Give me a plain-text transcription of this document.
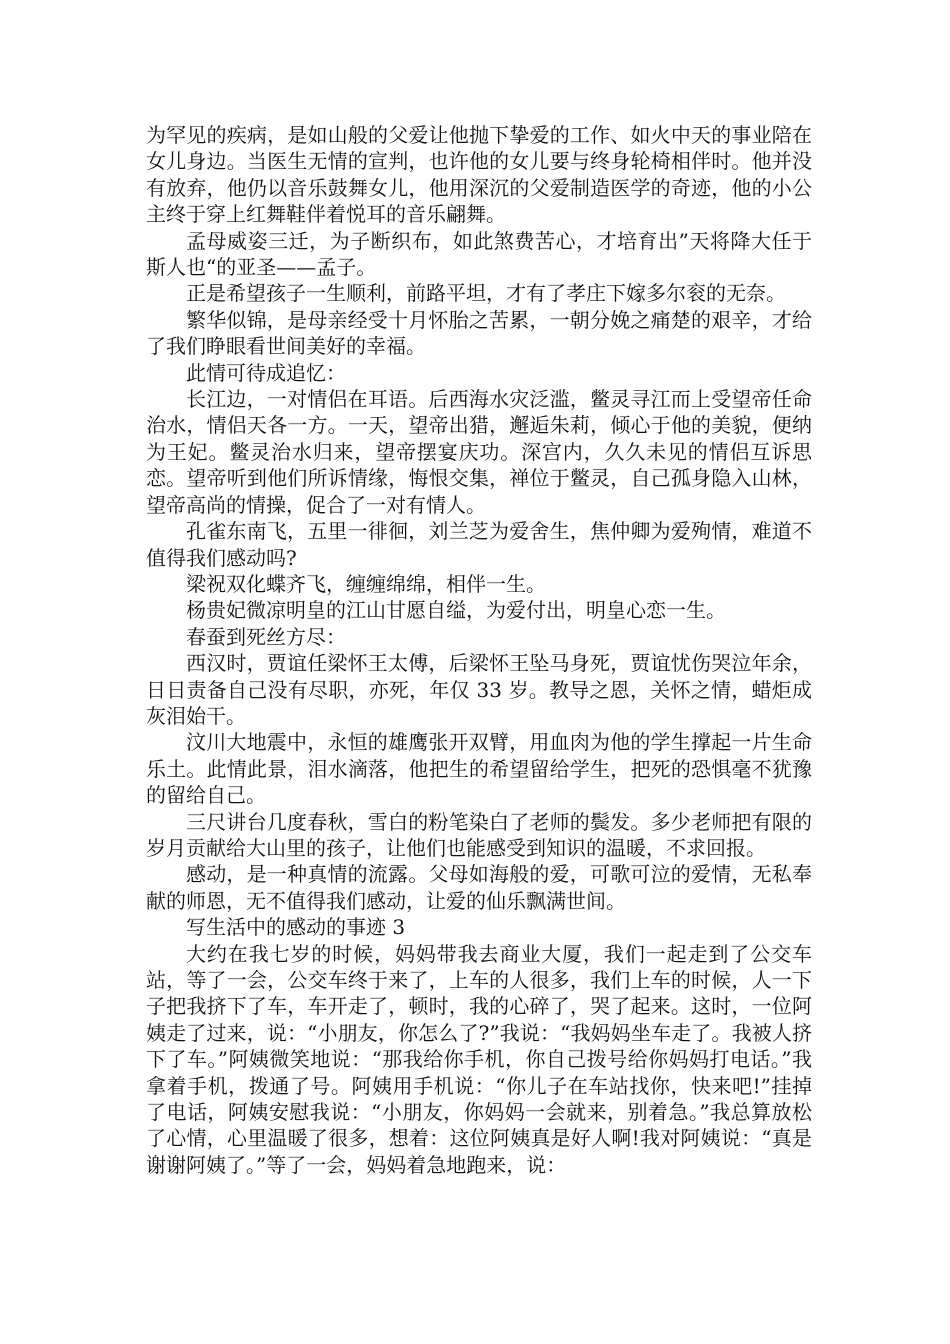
为罕见的疾病，是如山般的父爱让他抛下挚爱的工作、如火中天的事业陪在女儿身边。当医生无情的宣判，也许他的女儿要与终身轮椅相伴时。他并没有放弃，他仍以音乐鼓舞女儿，他用深沉的父爱制造医学的奇迹，他的小公主终于穿上红舞鞋伴着悦耳的音乐翩舞。

孟母威姿三迁，为子断织布，如此煞费苦心，才培育出”天将降大任于斯人也“的亚圣——孟子。

正是希望孩子一生顺利，前路平坦，才有了孝庄下嫁多尔衮的无奈。

繁华似锦，是母亲经受十月怀胎之苦累，一朝分娩之痛楚的艰辛，才给了我们睁眼看世间美好的幸福。

此情可待成追忆：

长江边，一对情侣在耳语。后西海水灾泛滥，鳖灵寻江而上受望帝任命治水，情侣天各一方。一天，望帝出猎，邂逅朱莉，倾心于他的美貌，便纳为王妃。鳖灵治水归来，望帝摆宴庆功。深宫内，久久未见的情侣互诉思恋。望帝听到他们所诉情缘，悔恨交集，禅位于鳖灵，自己孤身隐入山林，望帝高尚的情操，促合了一对有情人。

孔雀东南飞，五里一徘徊，刘兰芝为爱舍生，焦仲卿为爱殉情，难道不值得我们感动吗?

梁祝双化蝶齐飞，缠缠绵绵，相伴一生。

杨贵妃微凉明皇的江山甘愿自缢，为爱付出，明皇心恋一生。

春蚕到死丝方尽：

西汉时，贾谊任梁怀王太傅，后梁怀王坠马身死，贾谊忧伤哭泣年余，日日责备自己没有尽职，亦死，年仅 33 岁。教导之恩，关怀之情，蜡炬成灰泪始干。

汶川大地震中，永恒的雄鹰张开双臂，用血肉为他的学生撑起一片生命乐土。此情此景，泪水滴落，他把生的希望留给学生，把死的恐惧毫不犹豫的留给自己。

三尺讲台几度春秋，雪白的粉笔染白了老师的鬓发。多少老师把有限的岁月贡献给大山里的孩子，让他们也能感受到知识的温暖，不求回报。

感动，是一种真情的流露。父母如海般的爱，可歌可泣的爱情，无私奉献的师恩，无不值得我们感动，让爱的仙乐飘满世间。

写生活中的感动的事迹 3

大约在我七岁的时候，妈妈带我去商业大厦，我们一起走到了公交车站，等了一会，公交车终于来了，上车的人很多，我们上车的时候，人一下子把我挤下了车，车开走了，顿时，我的心碎了，哭了起来。这时，一位阿姨走了过来，说：“小朋友，你怎么了?”我说：“我妈妈坐车走了。我被人挤下了车。”阿姨微笑地说：“那我给你手机，你自己拨号给你妈妈打电话。”我拿着手机，拨通了号。阿姨用手机说：“你儿子在车站找你，快来吧!”挂掉了电话，阿姨安慰我说：“小朋友，你妈妈一会就来，别着急。”我总算放松了心情，心里温暖了很多，想着：这位阿姨真是好人啊!我对阿姨说：“真是谢谢阿姨了。”等了一会，妈妈着急地跑来，说：
